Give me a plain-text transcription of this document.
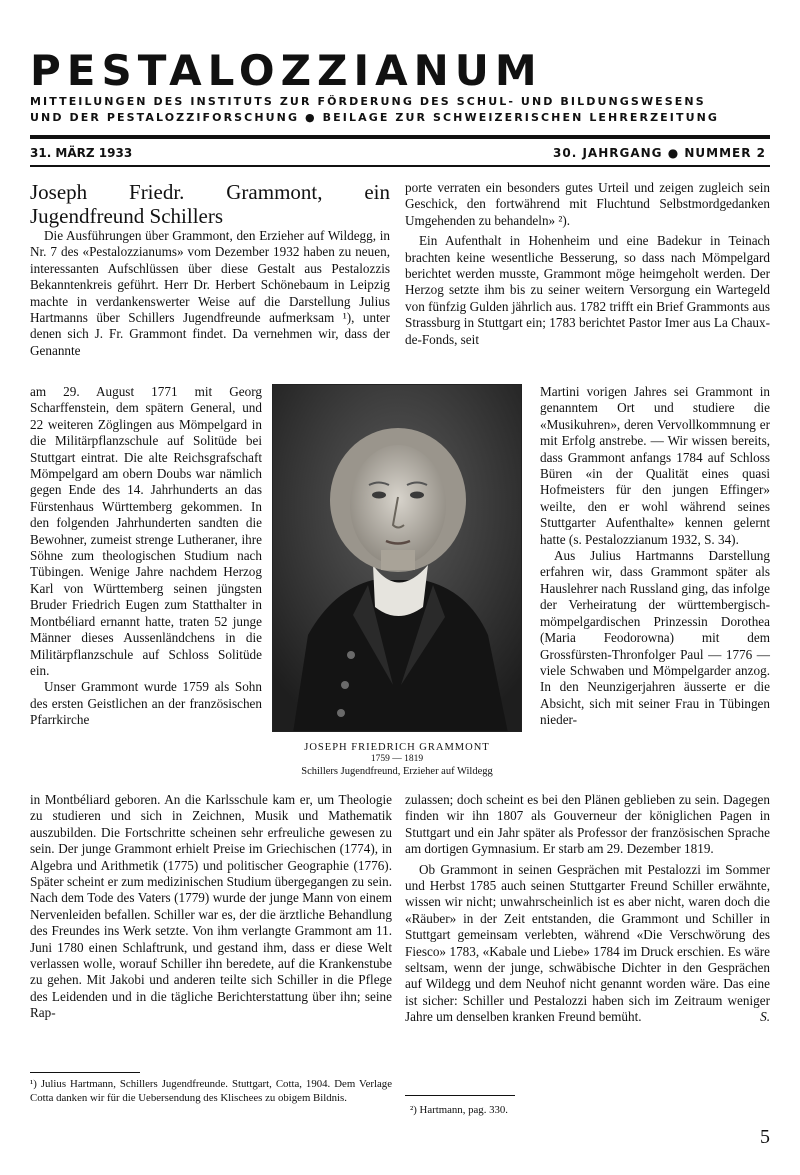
PESTALOZZIANUM
MITTEILUNGEN DES INSTITUTS ZUR FÖRDERUNG DES SCHUL- UND BILDUNGSWESENS
UND DER PESTALOZZIFORSCHUNG ● BEILAGE ZUR SCHWEIZERISCHEN LEHRERZEITUNG
31. MÄRZ 1933	30. JAHRGANG ● NUMMER 2

Joseph Friedr. Grammont, ein Jugendfreund Schillers

Die Ausführungen über Grammont, den Erzieher auf Wildegg, in Nr. 7 des «Pestalozzianums» vom Dezember 1932 haben zu neuen, interessanten Aufschlüssen über diese Gestalt aus Pestalozzis Bekanntenkreis geführt. Herr Dr. Herbert Schönebaum in Leipzig machte in verdankenswerter Weise auf die Darstellung Julius Hartmanns über Schillers Jugendfreunde aufmerksam ¹), unter denen sich J. Fr. Grammont findet. Da vernehmen wir, dass der Genannte

am 29. August 1771 mit Georg Scharffenstein, dem spätern General, und 22 weiteren Zöglingen aus Mömpelgard in die Militärpflanzschule auf Solitüde bei Stuttgart eintrat. Die alte Reichsgrafschaft Mömpelgard am obern Doubs war nämlich gegen Ende des 14. Jahrhunderts an das Fürstenhaus Württemberg gekommen. In den folgenden Jahrhunderten sandten die Bewohner, zumeist strenge Lutheraner, ihre Söhne zum theologischen Studium nach Tübingen. Wenige Jahre nachdem Herzog Karl von Württemberg seinen jüngsten Bruder Friedrich Eugen zum Statthalter in Montbéliard ernannt hatte, traten 52 junge Männer dieses Aussenländchens in die Militärpflanzschule auf Schloss Solitüde ein.

Unser Grammont wurde 1759 als Sohn des ersten Geistlichen an der französischen Pfarrkirche

in Montbéliard geboren. An die Karlsschule kam er, um Theologie zu studieren und sich in Zeichnen, Musik und Mathematik auszubilden. Die Fortschritte scheinen sehr erfreuliche gewesen zu sein. Der junge Grammont erhielt Preise im Griechischen (1774), in Algebra und Arithmetik (1775) und politischer Geographie (1776). Später scheint er zum medizinischen Studium übergegangen zu sein. Nach dem Tode des Vaters (1779) wurde der junge Mann von einem Nervenleiden befallen. Schiller war es, der die ärztliche Behandlung des Freundes ins Werk setzte. Von ihm verlangte Grammont am 11. Juni 1780 einen Schlaftrunk, und gestand ihm, dass er diese Welt verlassen wolle, worauf Schiller ihn beredete, auf die Krankenstube zu gehen. Mit Jakobi und anderen teilte sich Schiller in die Pflege des Leidenden und in die tägliche Berichterstattung über ihn; seine Rap-

porte verraten ein besonders gutes Urteil und zeigen zugleich sein Geschick, den fortwährend mit Fluchtund Selbstmordgedanken Umgehenden zu behandeln» ²).

Ein Aufenthalt in Hohenheim und eine Badekur in Teinach brachten keine wesentliche Besserung, so dass nach Mömpelgard berichtet werden musste, Grammont möge heimgeholt werden. Der Herzog setzte ihm bis zu seiner weitern Versorgung ein Wartegeld von fünfzig Gulden jährlich aus. 1782 trifft ein Brief Grammonts aus Strassburg in Stuttgart ein; 1783 berichtet Pastor Imer aus La Chaux-de-Fonds, seit

Martini vorigen Jahres sei Grammont in genanntem Ort und studiere die «Musikuhren», deren Vervollkommnung er mit Erfolg anstrebe. — Wir wissen bereits, dass Grammont anfangs 1784 auf Schloss Büren «in der Qualität eines quasi Hofmeisters für den jungen Effinger» weilte, den er wohl während seines Stuttgarter Aufenthalte» kennen gelernt hatte (s. Pestalozzianum 1932, S. 34).

Aus Julius Hartmanns Darstellung erfahren wir, dass Grammont später als Hauslehrer nach Russland ging, das infolge der Verheiratung der württembergisch-mömpelgardischen Prinzessin Dorothea (Maria Feodorowna) mit dem Grossfürsten-Thronfolger Paul — 1776 — viele Schwaben und Mömpelgarder anzog. In den Neunzigerjahren äusserte er die Absicht, sich mit seiner Frau in Tübingen nieder-

zulassen; doch scheint es bei den Plänen geblieben zu sein. Dagegen finden wir ihn 1807 als Gouverneur der königlichen Pagen in Stuttgart und ein Jahr später als Professor der französischen Sprache am dortigen Gymnasium. Er starb am 29. Dezember 1819.

Ob Grammont in seinen Gesprächen mit Pestalozzi im Sommer und Herbst 1785 auch seinen Stuttgarter Freund Schiller erwähnte, wissen wir nicht; unwahrscheinlich ist es aber nicht, waren doch die «Räuber» in der Zeit entstanden, die Grammont und Schiller in Stuttgart gemeinsam verlebten, während «Die Verschwörung des Fiesco» 1783, «Kabale und Liebe» 1784 im Druck erschien. Es wäre seltsam, wenn der junge, schwäbische Dichter in den Gesprächen auf Wildegg und dem Neuhof nicht genannt worden wäre. Das eine ist sicher: Schiller und Pestalozzi haben sich im Zeitraum weniger Jahre um denselben kranken Freund bemüht.	S.

JOSEPH FRIEDRICH GRAMMONT
1759 — 1819
Schillers Jugendfreund, Erzieher auf Wildegg
¹) Julius Hartmann, Schillers Jugendfreunde. Stuttgart, Cotta, 1904. Dem Verlage Cotta danken wir für die Uebersendung des Klischees zu obigem Bildnis.
²) Hartmann, pag. 330.
5
